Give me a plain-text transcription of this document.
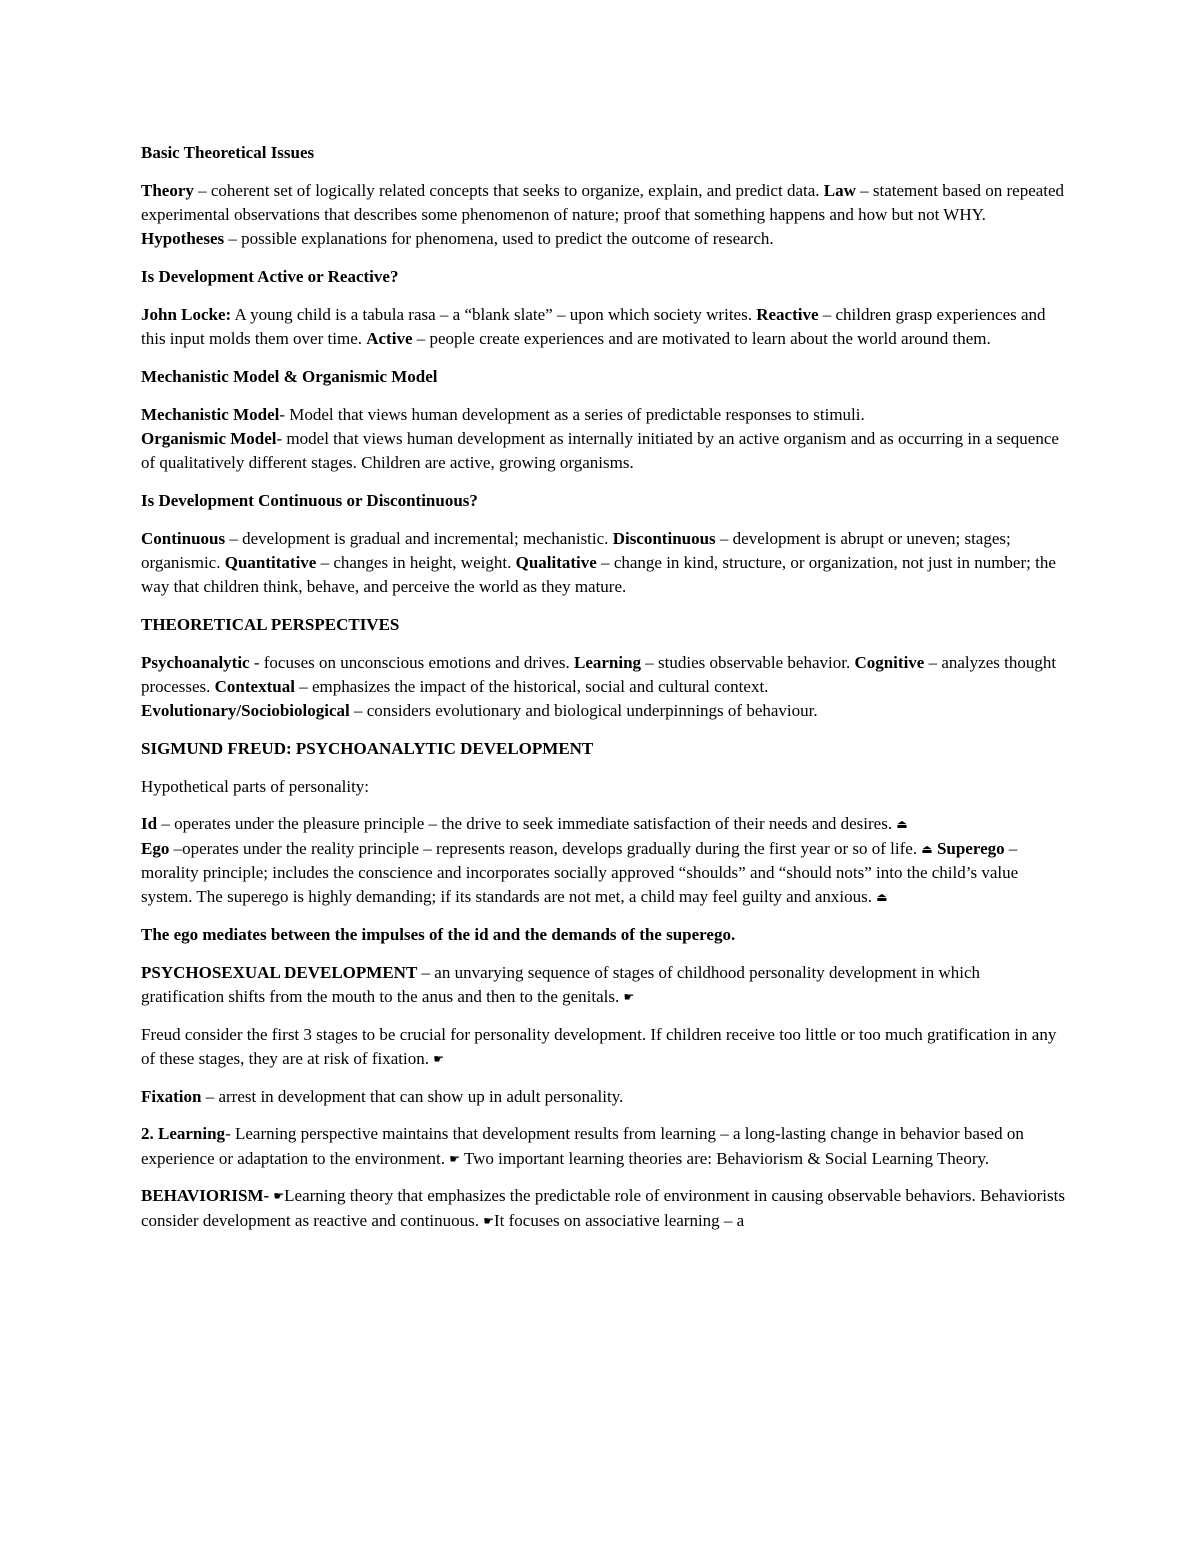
Basic Theoretical Issues

Theory – coherent set of logically related concepts that seeks to organize, explain, and predict data. Law – statement based on repeated experimental observations that describes some phenomenon of nature; proof that something happens and how but not WHY. Hypotheses – possible explanations for phenomena, used to predict the outcome of research.

Is Development Active or Reactive?

John Locke: A young child is a tabula rasa – a “blank slate” – upon which society writes. Reactive – children grasp experiences and this input molds them over time. Active – people create experiences and are motivated to learn about the world around them.

Mechanistic Model & Organismic Model

Mechanistic Model- Model that views human development as a series of predictable responses to stimuli.
Organismic Model- model that views human development as internally initiated by an active organism and as occurring in a sequence of qualitatively different stages. Children are active, growing organisms.

Is Development Continuous or Discontinuous?

Continuous – development is gradual and incremental; mechanistic. Discontinuous – development is abrupt or uneven; stages; organismic. Quantitative – changes in height, weight. Qualitative – change in kind, structure, or organization, not just in number; the way that children think, behave, and perceive the world as they mature.

THEORETICAL PERSPECTIVES

Psychoanalytic - focuses on unconscious emotions and drives. Learning – studies observable behavior. Cognitive – analyzes thought processes. Contextual – emphasizes the impact of the historical, social and cultural context.
Evolutionary/Sociobiological – considers evolutionary and biological underpinnings of behaviour.

SIGMUND FREUD: PSYCHOANALYTIC DEVELOPMENT

Hypothetical parts of personality:

Id – operates under the pleasure principle – the drive to seek immediate satisfaction of their needs and desires. ⏏
Ego –operates under the reality principle – represents reason, develops gradually during the first year or so of life. ⏏ Superego – morality principle; includes the conscience and incorporates socially approved “shoulds” and “should nots” into the child’s value system. The superego is highly demanding; if its standards are not met, a child may feel guilty and anxious. ⏏

The ego mediates between the impulses of the id and the demands of the superego.

PSYCHOSEXUAL DEVELOPMENT – an unvarying sequence of stages of childhood personality development in which gratification shifts from the mouth to the anus and then to the genitals. ☛

Freud consider the first 3 stages to be crucial for personality development. If children receive too little or too much gratification in any of these stages, they are at risk of fixation. ☛

Fixation – arrest in development that can show up in adult personality.

2. Learning- Learning perspective maintains that development results from learning – a long-lasting change in behavior based on experience or adaptation to the environment. ☛ Two important learning theories are: Behaviorism & Social Learning Theory.

BEHAVIORISM- ☛Learning theory that emphasizes the predictable role of environment in causing observable behaviors. Behaviorists consider development as reactive and continuous. ☛It focuses on associative learning – a
